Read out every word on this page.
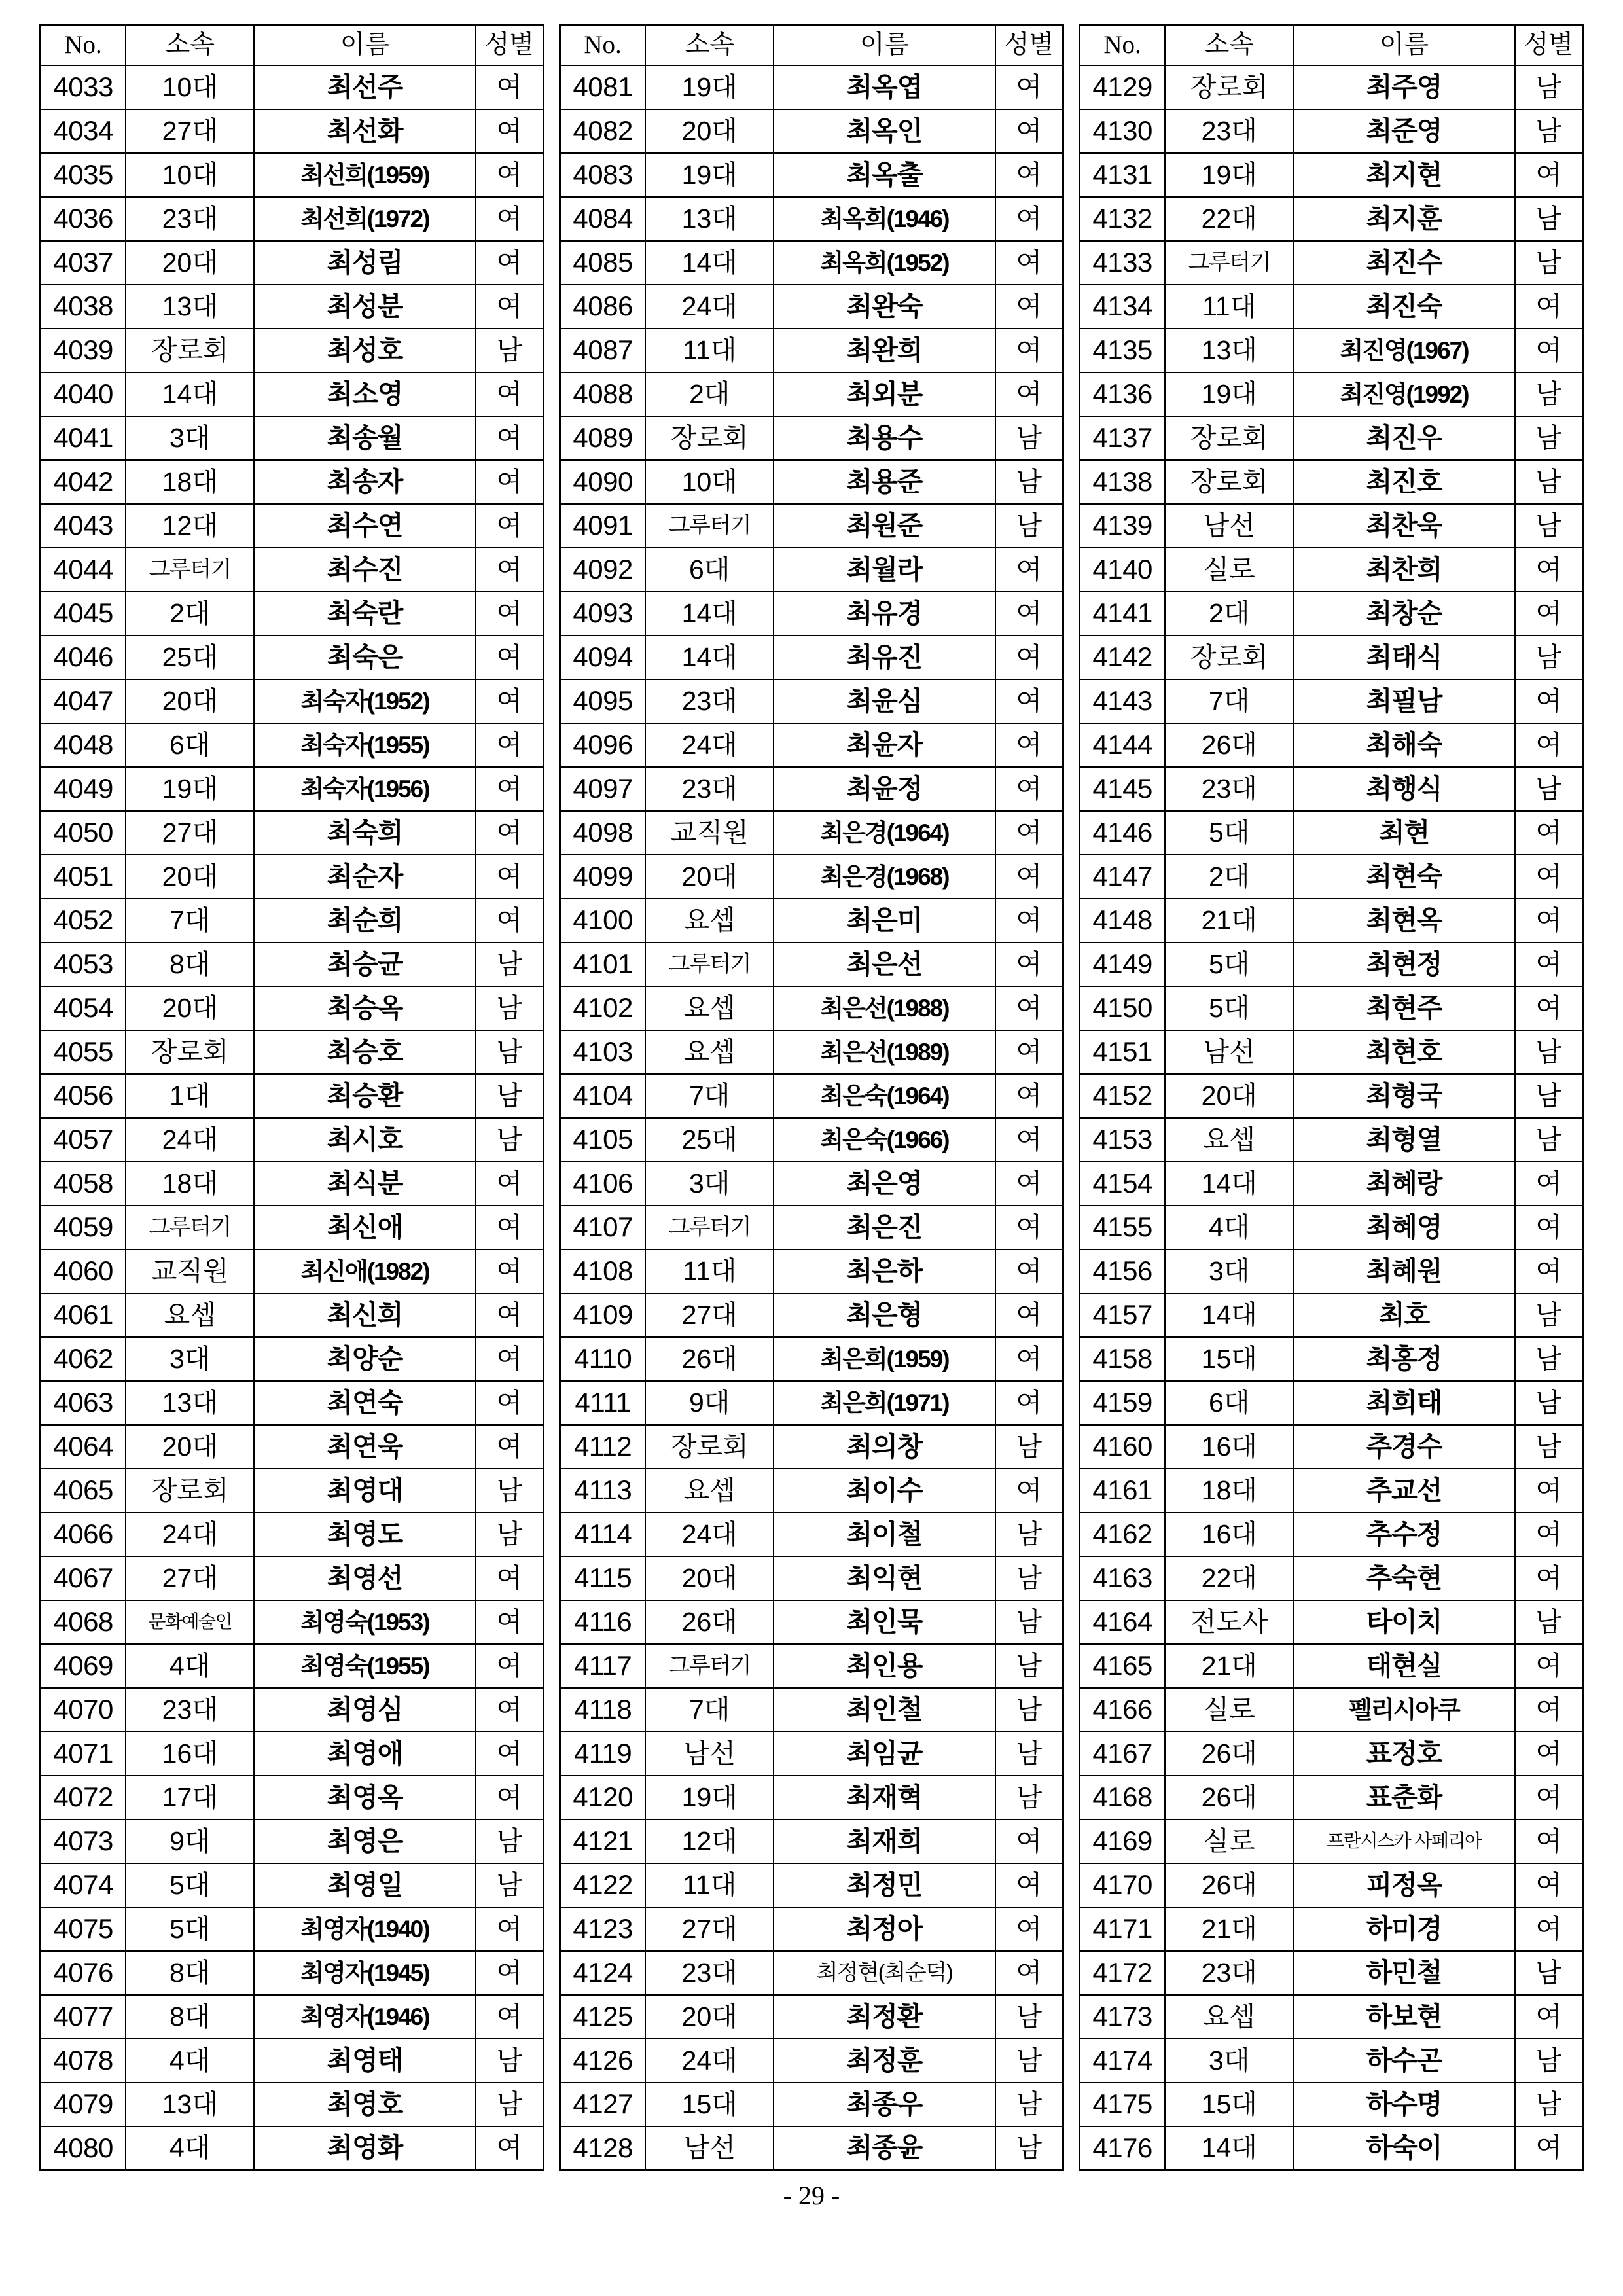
No.	소속	이름	성별
4033	10대	최선주	여
4034	27대	최선화	여
4035	10대	최선희(1959)	여
4036	23대	최선희(1972)	여
4037	20대	최성림	여
4038	13대	최성분	여
4039	장로회	최성호	남
4040	14대	최소영	여
4041	3대	최송월	여
4042	18대	최송자	여
4043	12대	최수연	여
4044	그루터기	최수진	여
4045	2대	최숙란	여
4046	25대	최숙은	여
4047	20대	최숙자(1952)	여
4048	6대	최숙자(1955)	여
4049	19대	최숙자(1956)	여
4050	27대	최숙희	여
4051	20대	최순자	여
4052	7대	최순희	여
4053	8대	최승균	남
4054	20대	최승옥	남
4055	장로회	최승호	남
4056	1대	최승환	남
4057	24대	최시호	남
4058	18대	최식분	여
4059	그루터기	최신애	여
4060	교직원	최신애(1982)	여
4061	요셉	최신희	여
4062	3대	최양순	여
4063	13대	최연숙	여
4064	20대	최연욱	여
4065	장로회	최영대	남
4066	24대	최영도	남
4067	27대	최영선	여
4068	문화예술인	최영숙(1953)	여
4069	4대	최영숙(1955)	여
4070	23대	최영심	여
4071	16대	최영애	여
4072	17대	최영옥	여
4073	9대	최영은	남
4074	5대	최영일	남
4075	5대	최영자(1940)	여
4076	8대	최영자(1945)	여
4077	8대	최영자(1946)	여
4078	4대	최영태	남
4079	13대	최영호	남
4080	4대	최영화	여
No.	소속	이름	성별
4081	19대	최옥엽	여
4082	20대	최옥인	여
4083	19대	최옥출	여
4084	13대	최옥희(1946)	여
4085	14대	최옥희(1952)	여
4086	24대	최완숙	여
4087	11대	최완희	여
4088	2대	최외분	여
4089	장로회	최용수	남
4090	10대	최용준	남
4091	그루터기	최원준	남
4092	6대	최월라	여
4093	14대	최유경	여
4094	14대	최유진	여
4095	23대	최윤심	여
4096	24대	최윤자	여
4097	23대	최윤정	여
4098	교직원	최은경(1964)	여
4099	20대	최은경(1968)	여
4100	요셉	최은미	여
4101	그루터기	최은선	여
4102	요셉	최은선(1988)	여
4103	요셉	최은선(1989)	여
4104	7대	최은숙(1964)	여
4105	25대	최은숙(1966)	여
4106	3대	최은영	여
4107	그루터기	최은진	여
4108	11대	최은하	여
4109	27대	최은형	여
4110	26대	최은희(1959)	여
4111	9대	최은희(1971)	여
4112	장로회	최의창	남
4113	요셉	최이수	여
4114	24대	최이철	남
4115	20대	최익현	남
4116	26대	최인묵	남
4117	그루터기	최인용	남
4118	7대	최인철	남
4119	남선	최임균	남
4120	19대	최재혁	남
4121	12대	최재희	여
4122	11대	최정민	여
4123	27대	최정아	여
4124	23대	최정현(최순덕)	여
4125	20대	최정환	남
4126	24대	최정훈	남
4127	15대	최종우	남
4128	남선	최종윤	남
No.	소속	이름	성별
4129	장로회	최주영	남
4130	23대	최준영	남
4131	19대	최지현	여
4132	22대	최지훈	남
4133	그루터기	최진수	남
4134	11대	최진숙	여
4135	13대	최진영(1967)	여
4136	19대	최진영(1992)	남
4137	장로회	최진우	남
4138	장로회	최진호	남
4139	남선	최찬욱	남
4140	실로	최찬희	여
4141	2대	최창순	여
4142	장로회	최태식	남
4143	7대	최필남	여
4144	26대	최해숙	여
4145	23대	최행식	남
4146	5대	최현	여
4147	2대	최현숙	여
4148	21대	최현옥	여
4149	5대	최현정	여
4150	5대	최현주	여
4151	남선	최현호	남
4152	20대	최형국	남
4153	요셉	최형열	남
4154	14대	최혜랑	여
4155	4대	최혜영	여
4156	3대	최혜원	여
4157	14대	최호	남
4158	15대	최홍정	남
4159	6대	최희태	남
4160	16대	추경수	남
4161	18대	추교선	여
4162	16대	추수정	여
4163	22대	추숙현	여
4164	전도사	타이치	남
4165	21대	태현실	여
4166	실로	펠리시아쿠	여
4167	26대	표정호	여
4168	26대	표춘화	여
4169	실로	프란시스카 사페리아	여
4170	26대	피정옥	여
4171	21대	하미경	여
4172	23대	하민철	남
4173	요셉	하보현	여
4174	3대	하수곤	남
4175	15대	하수명	남
4176	14대	하숙이	여
- 29 -
